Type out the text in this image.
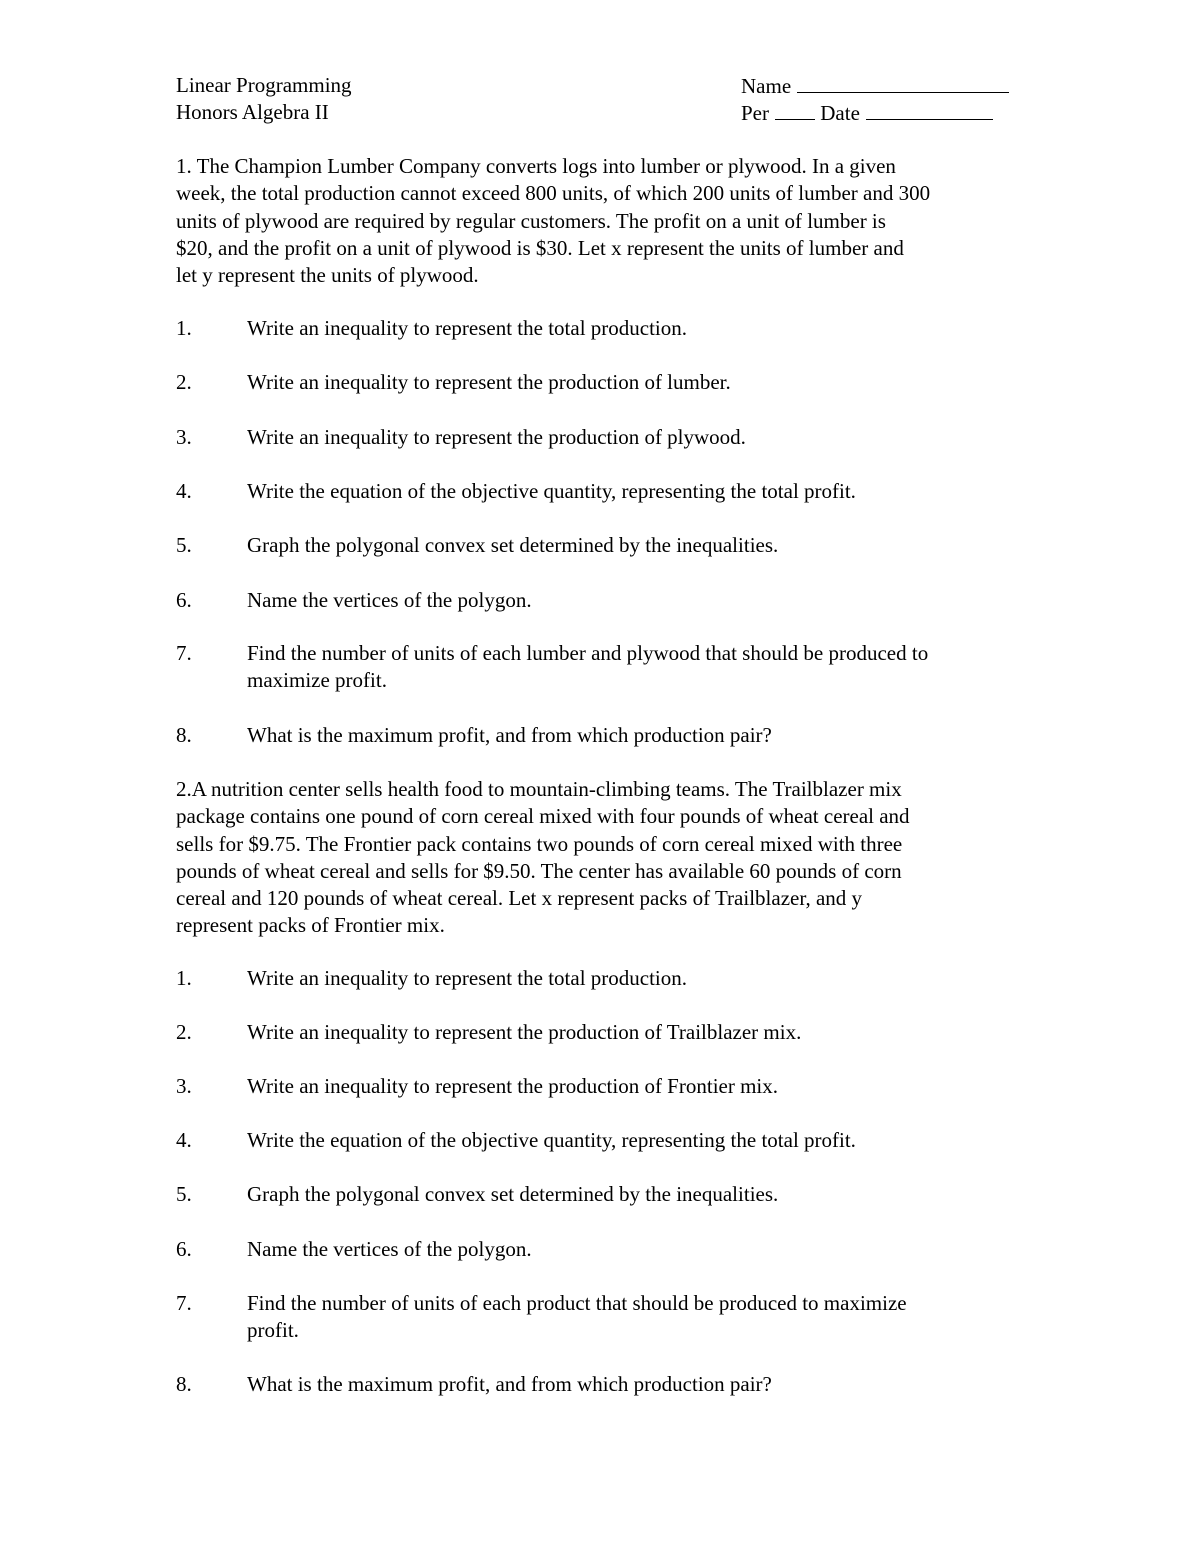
Linear Programming
Honors Algebra II
Name
Per Date
1. The Champion Lumber Company converts logs into lumber or plywood. In a given
week, the total production cannot exceed 800 units, of which 200 units of lumber and 300
units of plywood are required by regular customers. The profit on a unit of lumber is
$20, and the profit on a unit of plywood is $30. Let x represent the units of lumber and
let y represent the units of plywood.
1.	Write an inequality to represent the total production.
2.	Write an inequality to represent the production of lumber.
3.	Write an inequality to represent the production of plywood.
4.	Write the equation of the objective quantity, representing the total profit.
5.	Graph the polygonal convex set determined by the inequalities.
6.	Name the vertices of the polygon.
7.	Find the number of units of each lumber and plywood that should be produced to
maximize profit.
8.	What is the maximum profit, and from which production pair?
2.A nutrition center sells health food to mountain-climbing teams. The Trailblazer mix
package contains one pound of corn cereal mixed with four pounds of wheat cereal and
sells for $9.75. The Frontier pack contains two pounds of corn cereal mixed with three
pounds of wheat cereal and sells for $9.50. The center has available 60 pounds of corn
cereal and 120 pounds of wheat cereal. Let x represent packs of Trailblazer, and y
represent packs of Frontier mix.
1.	Write an inequality to represent the total production.
2.	Write an inequality to represent the production of Trailblazer mix.
3.	Write an inequality to represent the production of Frontier mix.
4.	Write the equation of the objective quantity, representing the total profit.
5.	Graph the polygonal convex set determined by the inequalities.
6.	Name the vertices of the polygon.
7.	Find the number of units of each product that should be produced to maximize
profit.
8.	What is the maximum profit, and from which production pair?
